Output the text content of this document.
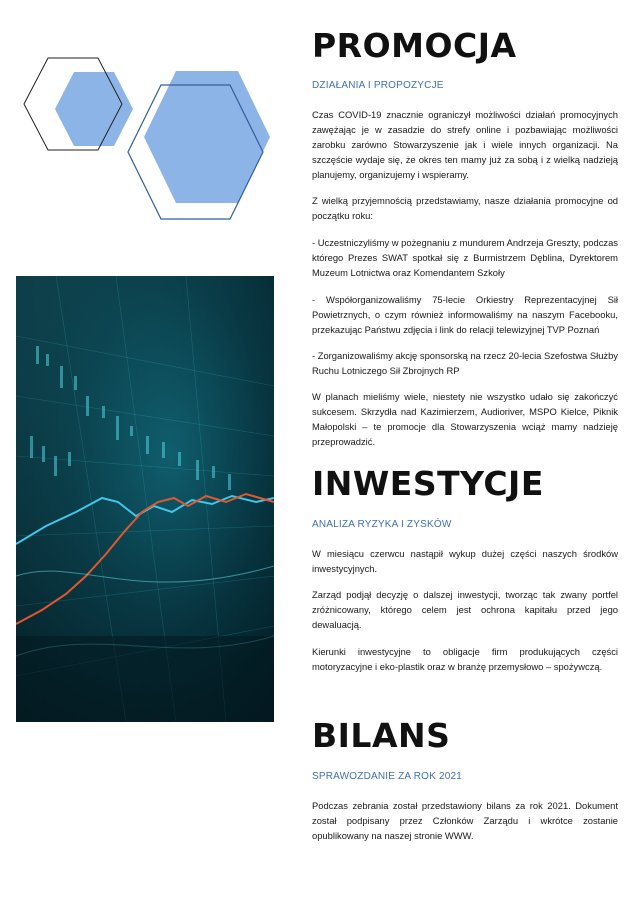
PROMOCJA
DZIAŁANIA I PROPOZYCJE

Czas COVID-19 znacznie ograniczył możliwości działań promocyjnych zawężając je w zasadzie do strefy online i pozbawiając możliwości zarobku zarówno Stowarzyszenie jak i wiele innych organizacji. Na szczęście wydaje się, że okres ten mamy już za sobą i z wielką nadzieją planujemy, organizujemy i wspieramy.

Z wielką przyjemnością przedstawiamy, nasze działania promocyjne od początku roku:

- Uczestniczyliśmy w pożegnaniu z mundurem Andrzeja Greszty, podczas którego Prezes SWAT spotkał się z Burmistrzem Dęblina, Dyrektorem Muzeum Lotnictwa oraz Komendantem Szkoły

- Współorganizowaliśmy 75-lecie Orkiestry Reprezentacyjnej Sił Powietrznych, o czym również informowaliśmy na naszym Facebooku, przekazując Państwu zdjęcia i link do relacji telewizyjnej TVP Poznań

- Zorganizowaliśmy akcję sponsorską na rzecz 20-lecia Szefostwa Służby Ruchu Lotniczego Sił Zbrojnych RP

W planach mieliśmy wiele, niestety nie wszystko udało się zakończyć sukcesem. Skrzydła nad Kazimierzem, Audioriver, MSPO Kielce, Piknik Małopolski – te promocje dla Stowarzyszenia wciąż mamy nadzieję przeprowadzić.

INWESTYCJE
ANALIZA RYZYKA I ZYSKÓW

W miesiącu czerwcu nastąpił wykup dużej części naszych środków inwestycyjnych.

Zarząd podjął decyzję o dalszej inwestycji, tworząc tak zwany portfel zróżnicowany, którego celem jest ochrona kapitału przed jego dewaluacją.

Kierunki inwestycyjne to obligacje firm produkujących części motoryzacyjne i eko-plastik oraz w branżę przemysłowo – spożywczą.

BILANS
SPRAWOZDANIE ZA ROK 2021

Podczas zebrania został przedstawiony bilans za rok 2021. Dokument został podpisany przez Członków Zarządu i wkrótce zostanie opublikowany na naszej stronie WWW.
